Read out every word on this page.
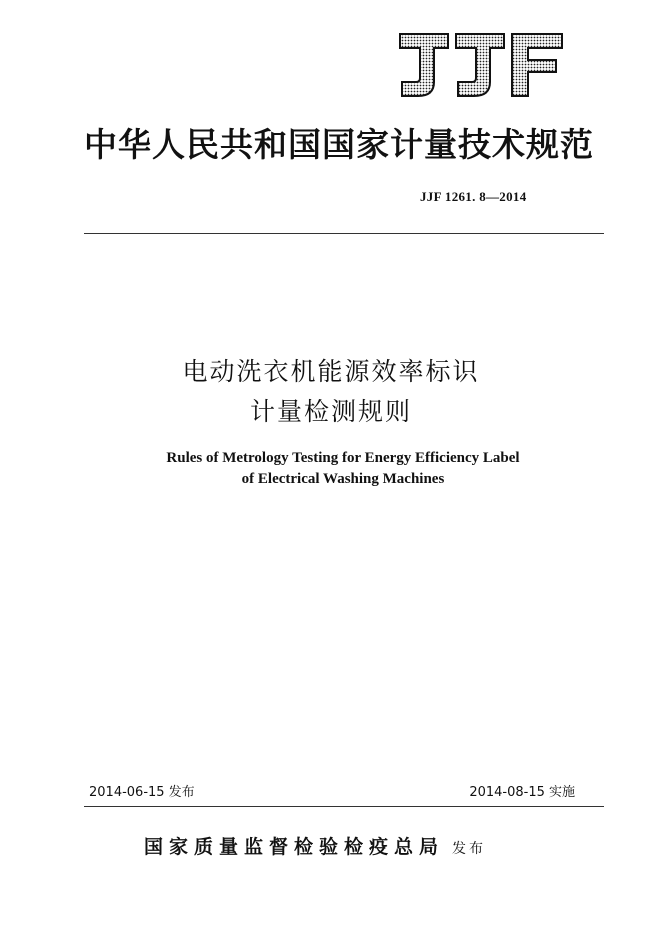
中华人民共和国国家计量技术规范
JJF 1261. 8—2014
电动洗衣机能源效率标识
计量检测规则
Rules of Metrology Testing for Energy Efficiency Label
of Electrical Washing Machines
2014-06-15 发布	2014-08-15 实施
国家质量监督检验检疫总局 发布
